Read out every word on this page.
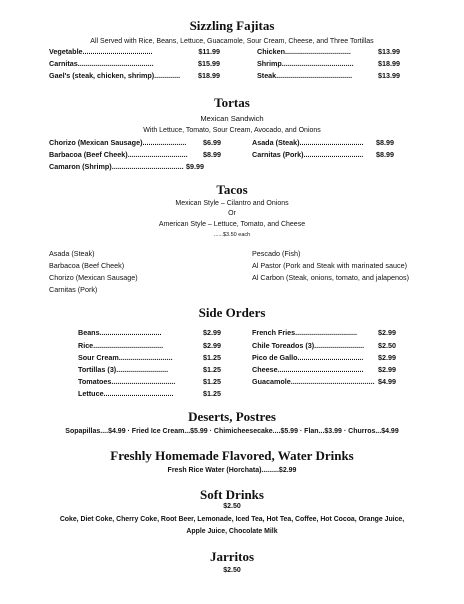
Sizzling Fajitas
All Served with Rice, Beans, Lettuce, Guacamole, Sour Cream, Cheese, and Three Tortillas
Vegetable...................................	$11.99
Carnitas......................................	$15.99
Gael's (steak, chicken, shrimp)............. $18.99
Chicken.................................	$13.99
Shrimp....................................	$18.99
Steak......................................	$13.99
Tortas
Mexican Sandwich
With Lettuce, Tomato, Sour Cream, Avocado, and Onions
Chorizo (Mexican Sausage)...................... $6.99
Barbacoa (Beef Cheek).............................. $8.99
Camaron (Shrimp).................................... $9.99
Asada (Steak)................................ $8.99
Carnitas (Pork).............................. $8.99
Tacos
Mexican Style – Cilantro and Onions
Or
American Style – Lettuce, Tomato, and Cheese
......$3.50 each
Asada (Steak)
Barbacoa (Beef Cheek)
Chorizo (Mexican Sausage)
Carnitas (Pork)
Pescado (Fish)
Al Pastor (Pork and Steak with marinated sauce)
Al Carbon (Steak, onions, tomato, and jalapenos)
Side Orders
Beans...............................	$2.99
Rice...................................	$2.99
Sour Cream...........................	$1.25
Tortillas (3)..........................	$1.25
Tomatoes................................	$1.25
Lettuce...................................	$1.25
French Fries...............................	$2.99
Chile Toreados (3)......................... $2.50
Pico de Gallo................................. $2.99
Cheese........................................... $2.99
Guacamole.......................................... $4.99
Deserts, Postres
Sopapillas....$4.99 · Fried Ice Cream...$5.99 · Chimicheesecake....$5.99 · Flan...$3.99 · Churros...$4.99
Freshly Homemade Flavored, Water Drinks
Fresh Rice Water (Horchata).........$2.99
Soft Drinks
$2.50
Coke, Diet Coke, Cherry Coke, Root Beer, Lemonade, Iced Tea, Hot Tea, Coffee, Hot Cocoa, Orange Juice,
Apple Juice, Chocolate Milk
Jarritos
$2.50
